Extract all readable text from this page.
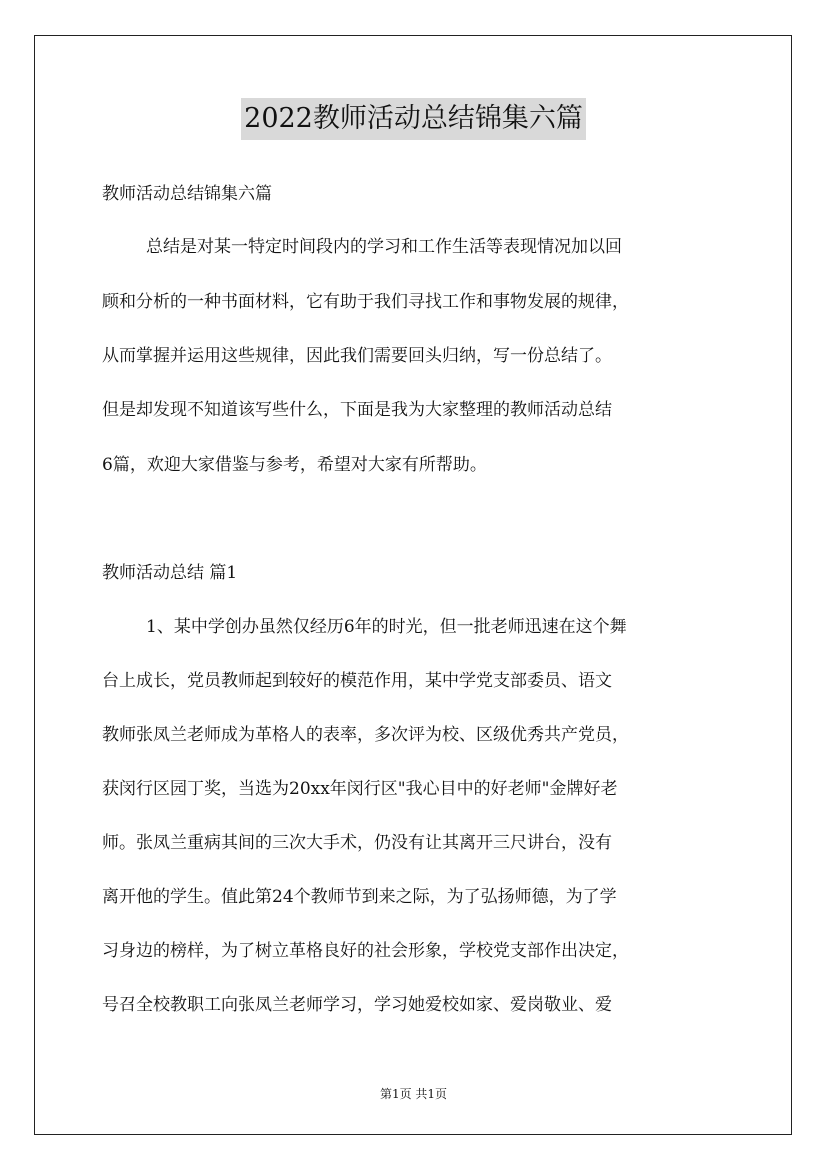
2022教师活动总结锦集六篇
教师活动总结锦集六篇
总结是对某一特定时间段内的学习和工作生活等表现情况加以回
顾和分析的一种书面材料，它有助于我们寻找工作和事物发展的规律，
从而掌握并运用这些规律，因此我们需要回头归纳，写一份总结了。
但是却发现不知道该写些什么，下面是我为大家整理的教师活动总结
6篇，欢迎大家借鉴与参考，希望对大家有所帮助。
教师活动总结 篇1
1、某中学创办虽然仅经历6年的时光，但一批老师迅速在这个舞
台上成长，党员教师起到较好的模范作用，某中学党支部委员、语文
教师张凤兰老师成为革格人的表率，多次评为校、区级优秀共产党员，
获闵行区园丁奖，当选为20xx年闵行区"我心目中的好老师"金牌好老
师。张凤兰重病其间的三次大手术，仍没有让其离开三尺讲台，没有
离开他的学生。值此第24个教师节到来之际，为了弘扬师德，为了学
习身边的榜样，为了树立革格良好的社会形象，学校党支部作出决定，
号召全校教职工向张凤兰老师学习，学习她爱校如家、爱岗敬业、爱
第1页 共1页
